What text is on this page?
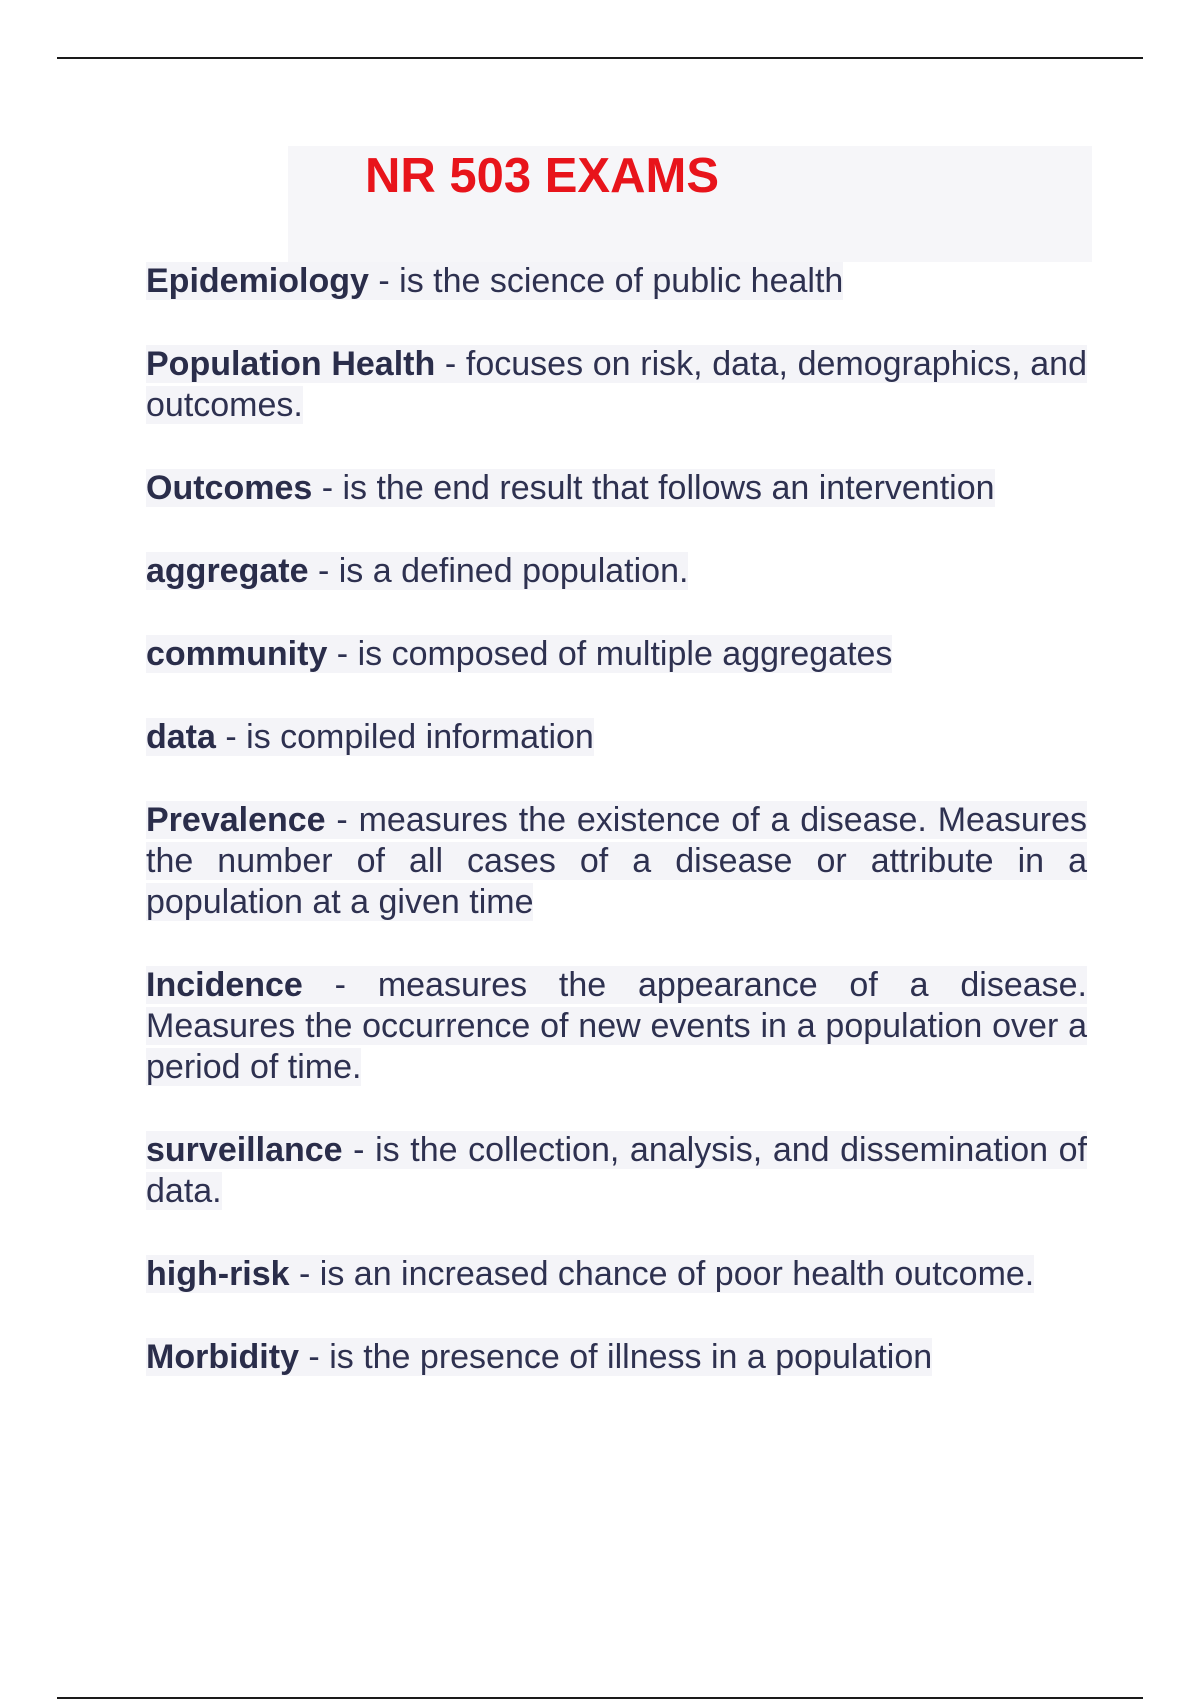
NR 503 EXAMS
Epidemiology - is the science of public health
Population Health - focuses on risk, data, demographics, and outcomes.
Outcomes - is the end result that follows an intervention
aggregate - is a defined population.
community - is composed of multiple aggregates
data - is compiled information
Prevalence - measures the existence of a disease. Measures the number of all cases of a disease or attribute in a population at a given time
Incidence - measures the appearance of a disease. Measures the occurrence of new events in a population over a period of time.
surveillance - is the collection, analysis, and dissemination of data.
high-risk - is an increased chance of poor health outcome.
Morbidity - is the presence of illness in a population
